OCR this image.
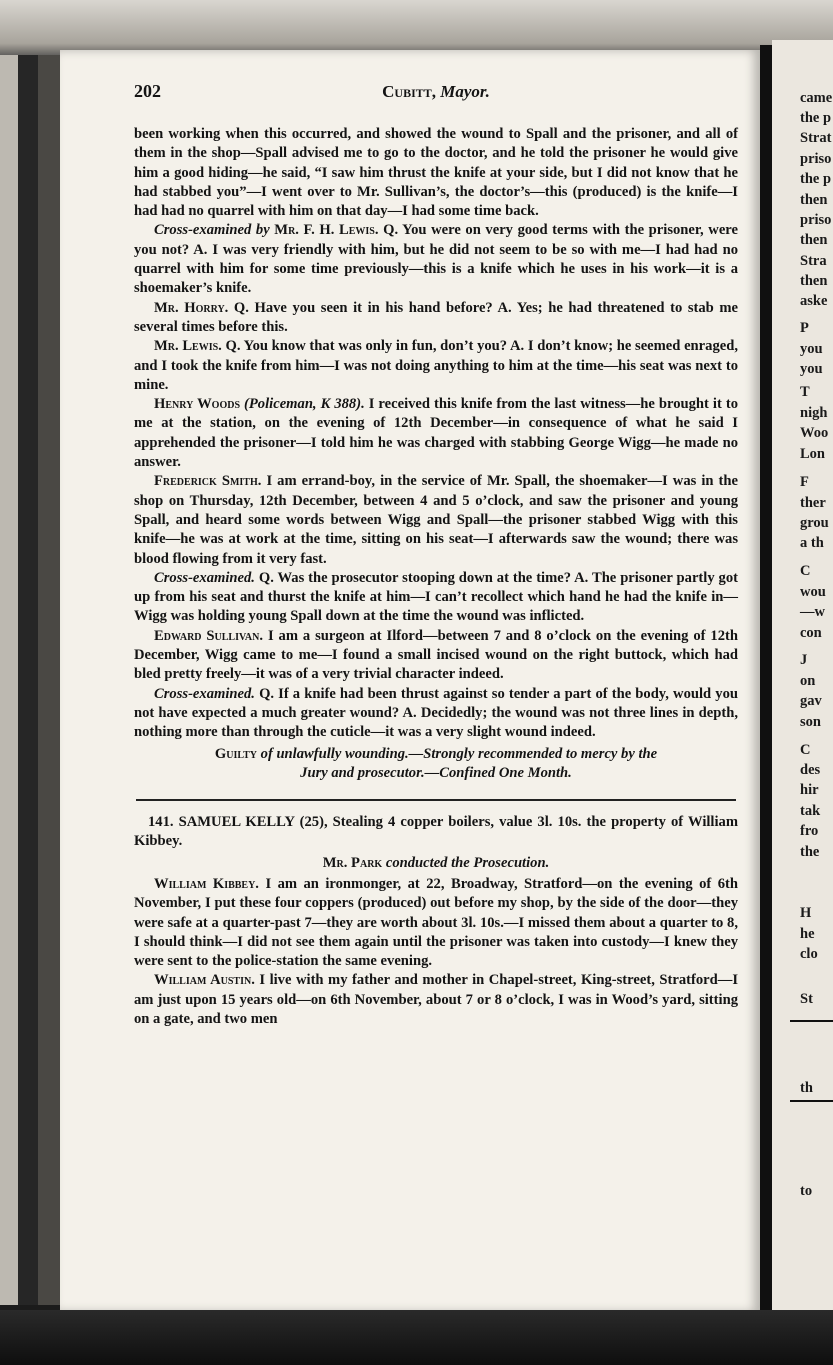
came
the p
Strat
priso
the p
then
priso
then
Stra
then
aske
P
you
you
T
nigh
Woo
Lon
F
ther
grou
a th
C
wou
—w
con
J
on
gav
son
C
des
hir
tak
fro
the
H
he
clo
St
th
to
202	Cubitt, Mayor.

been working when this occurred, and showed the wound to Spall and the prisoner, and all of them in the shop—Spall advised me to go to the doctor, and he told the prisoner he would give him a good hiding—he said, “I saw him thrust the knife at your side, but I did not know that he had stabbed you”—I went over to Mr. Sullivan’s, the doctor’s—this (produced) is the knife—I had had no quarrel with him on that day—I had some time back.

Cross-examined by Mr. F. H. Lewis. Q. You were on very good terms with the prisoner, were you not? A. I was very friendly with him, but he did not seem to be so with me—I had had no quarrel with him for some time previously—this is a knife which he uses in his work—it is a shoemaker’s knife.

Mr. Horry. Q. Have you seen it in his hand before? A. Yes; he had threatened to stab me several times before this.

Mr. Lewis. Q. You know that was only in fun, don’t you? A. I don’t know; he seemed enraged, and I took the knife from him—I was not doing anything to him at the time—his seat was next to mine.

Henry Woods (Policeman, K 388). I received this knife from the last witness—he brought it to me at the station, on the evening of 12th December—in consequence of what he said I apprehended the prisoner—I told him he was charged with stabbing George Wigg—he made no answer.

Frederick Smith. I am errand-boy, in the service of Mr. Spall, the shoemaker—I was in the shop on Thursday, 12th December, between 4 and 5 o’clock, and saw the prisoner and young Spall, and heard some words between Wigg and Spall—the prisoner stabbed Wigg with this knife—he was at work at the time, sitting on his seat—I afterwards saw the wound; there was blood flowing from it very fast.

Cross-examined. Q. Was the prosecutor stooping down at the time? A. The prisoner partly got up from his seat and thurst the knife at him—I can’t recollect which hand he had the knife in—Wigg was holding young Spall down at the time the wound was inflicted.

Edward Sullivan. I am a surgeon at Ilford—between 7 and 8 o’clock on the evening of 12th December, Wigg came to me—I found a small incised wound on the right buttock, which had bled pretty freely—it was of a very trivial character indeed.

Cross-examined. Q. If a knife had been thrust against so tender a part of the body, would you not have expected a much greater wound? A. Decidedly; the wound was not three lines in depth, nothing more than through the cuticle—it was a very slight wound indeed.

Guilty of unlawfully wounding.—Strongly recommended to mercy by the
Jury and prosecutor.—Confined One Month.

141. SAMUEL KELLY (25), Stealing 4 copper boilers, value 3l. 10s. the property of William Kibbey.

Mr. Park conducted the Prosecution.

William Kibbey. I am an ironmonger, at 22, Broadway, Stratford—on the evening of 6th November, I put these four coppers (produced) out before my shop, by the side of the door—they were safe at a quarter-past 7—they are worth about 3l. 10s.—I missed them about a quarter to 8, I should think—I did not see them again until the prisoner was taken into custody—I knew they were sent to the police-station the same evening.

William Austin. I live with my father and mother in Chapel-street, King-street, Stratford—I am just upon 15 years old—on 6th November, about 7 or 8 o’clock, I was in Wood’s yard, sitting on a gate, and two men
